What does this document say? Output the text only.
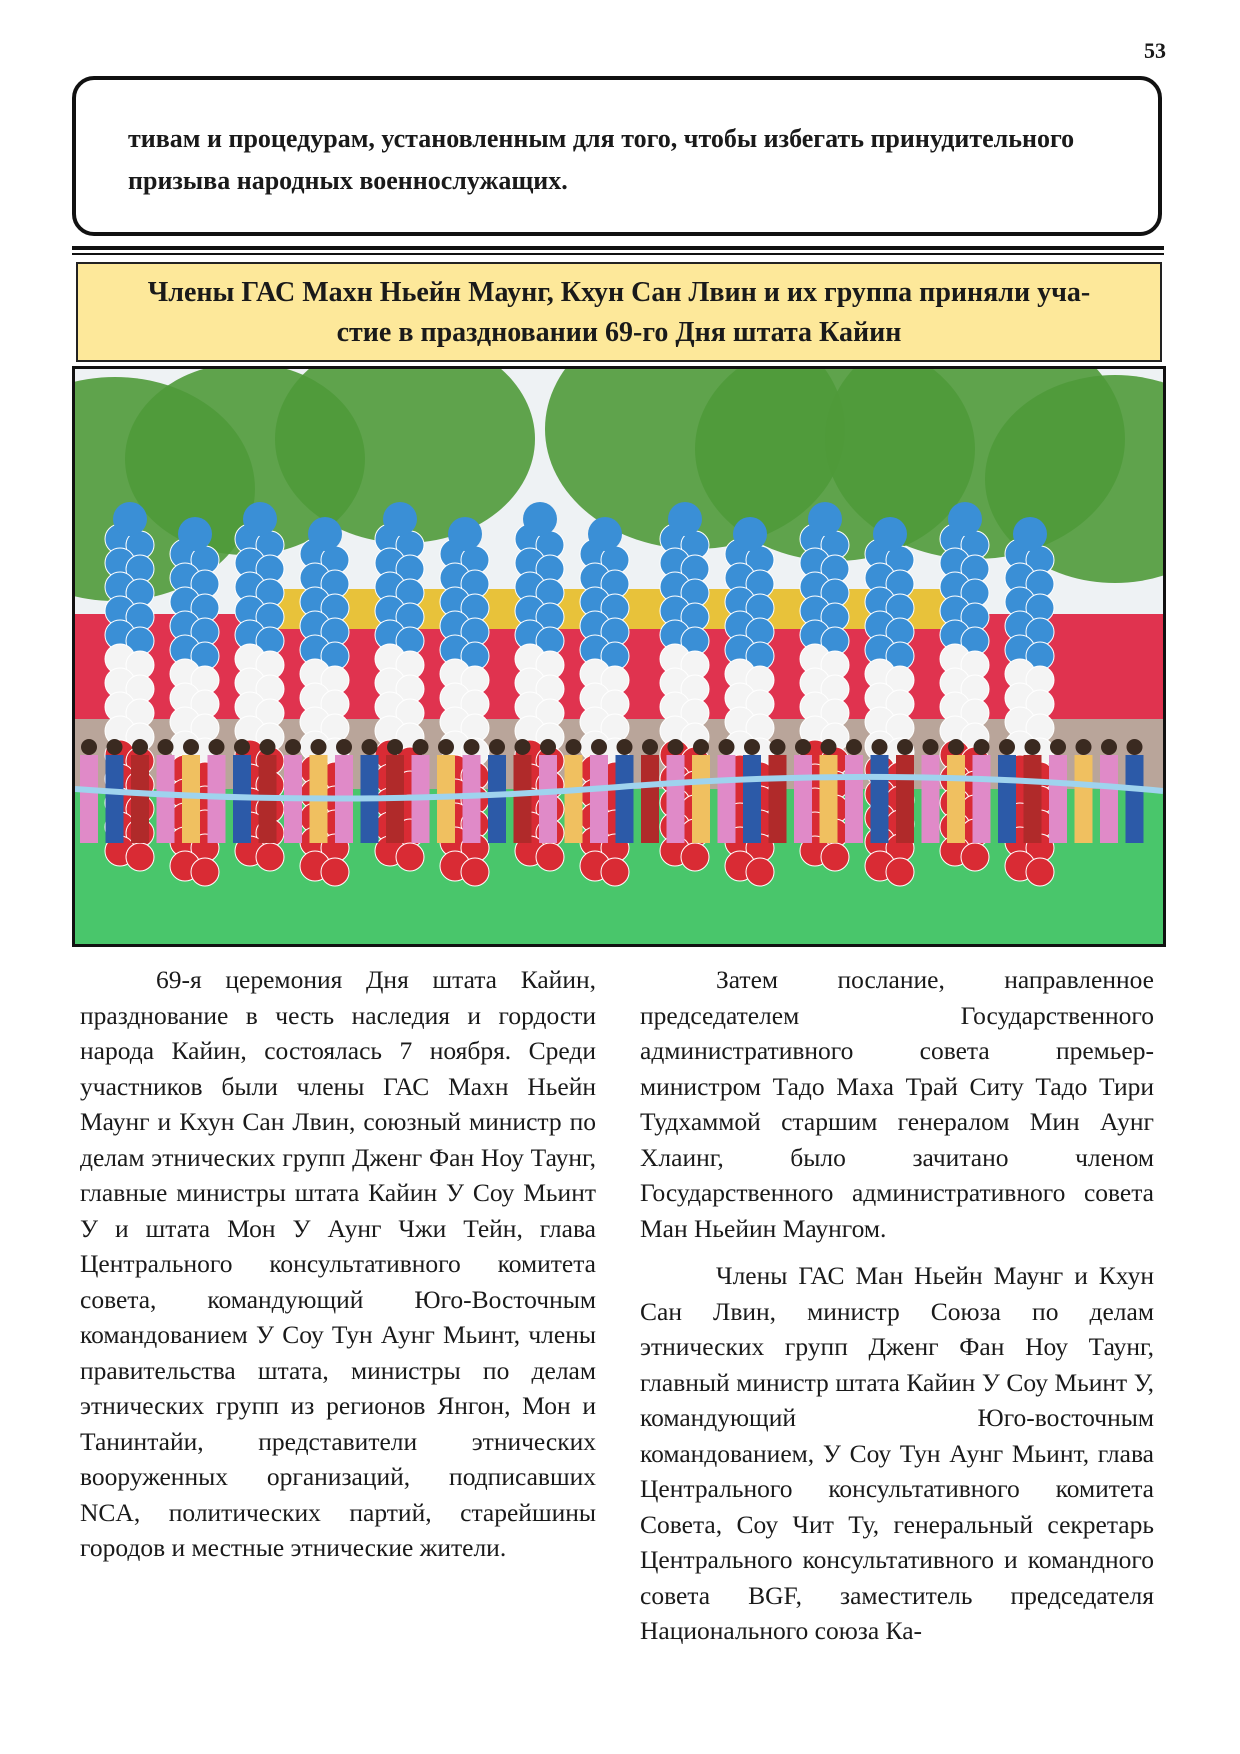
53

тивам и процедурам, установленным для того, чтобы избегать принудительного призыва народных военнослужащих.

Члены ГАС Махн Ньейн Маунг, Кхун Сан Лвин и их группа приняли уча-
стие в праздновании 69-го Дня штата Кайин

69-я церемония Дня штата Кайин, празднование в честь наследия и гордости народа Кайин, состоялась 7 ноября. Среди участников были члены ГАС Махн Ньейн Маунг и Кхун Сан Лвин, союзный министр по делам этнических групп Дженг Фан Ноу Таунг, главные министры штата Кайин У Соу Мьинт У и штата Мон У Аунг Чжи Тейн, глава Центрального консультативного комитета совета, командующий Юго-Восточным командованием У Соу Тун Аунг Мьинт, члены правительства штата, министры по делам этнических групп из регионов Янгон, Мон и Танинтайи, представители этнических вооруженных организаций, подписавших NCA, политических партий, старейшины городов и местные этнические жители.

Затем послание, направленное председателем Государственного административного совета премьер-министром Тадо Маха Трай Ситу Тадо Тири Тудхаммой старшим генералом Мин Аунг Хлаинг, было зачитано членом Государственного административного совета Ман Ньейин Маунгом.

Члены ГАС Ман Ньейн Маунг и Кхун Сан Лвин, министр Союза по делам этнических групп Дженг Фан Ноу Таунг, главный министр штата Кайин У Соу Мьинт У, командующий Юго-восточным командованием, У Соу Тун Аунг Мьинт, глава Центрального консультативного комитета Совета, Соу Чит Ту, генеральный секретарь Центрального консультативного и командного совета BGF, заместитель председателя Национального союза Ка-
